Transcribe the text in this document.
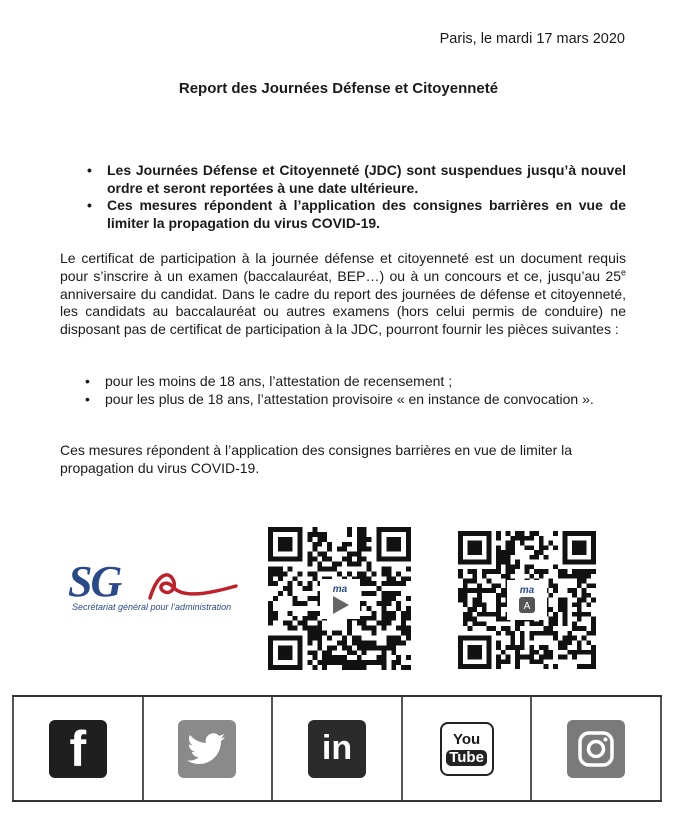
Paris, le mardi 17 mars 2020
Report des Journées Défense et Citoyenneté
• Les Journées Défense et Citoyenneté (JDC) sont suspendues jusqu’à nouvel ordre et seront reportées à une date ultérieure.
• Ces mesures répondent à l’application des consignes barrières en vue de limiter la propagation du virus COVID-19.

Le certificat de participation à la journée défense et citoyenneté est un document requis pour s’inscrire à un examen (baccalauréat, BEP…) ou à un concours et ce, jusqu’au 25e anniversaire du candidat. Dans le cadre du report des journées de défense et citoyenneté, les candidats au baccalauréat ou autres examens (hors celui permis de conduire) ne disposant pas de certificat de participation à la JDC, pourront fournir les pièces suivantes :

• pour les moins de 18 ans, l’attestation de recensement ;
• pour les plus de 18 ans, l’attestation provisoire « en instance de convocation ».

Ces mesures répondent à l’application des consignes barrières en vue de limiter la propagation du virus COVID-19.

SG
Secrétariat général pour l’administration
ma	ma
A
f	in	You
Tube
